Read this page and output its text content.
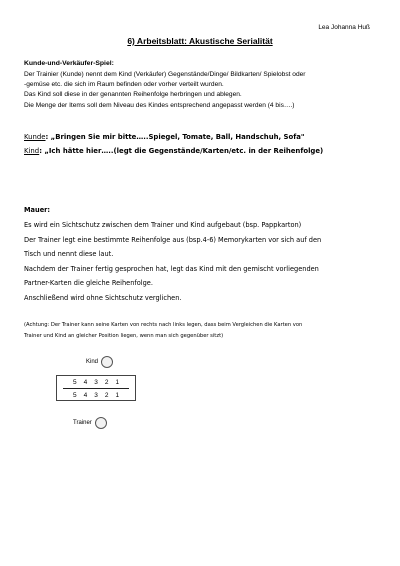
Lea Johanna Huß
6) Arbeitsblatt: Akustische Serialität
Kunde-und-Verkäufer-Spiel:
Der Trainier (Kunde) nennt dem Kind (Verkäufer) Gegenstände/Dinge/ Bildkarten/ Spielobst oder
-gemüse etc. die sich im Raum befinden oder vorher verteilt wurden.
Das Kind soll diese in der genannten Reihenfolge herbringen und ablegen.
Die Menge der Items soll dem Niveau des Kindes entsprechend angepasst werden (4 bis….)
Kunde: „Bringen Sie mir bitte…..Spiegel, Tomate, Ball, Handschuh, Sofa"
Kind: „Ich hätte hier…..(legt die Gegenstände/Karten/etc. in der Reihenfolge)
Mauer:
Es wird ein Sichtschutz zwischen dem Trainer und Kind aufgebaut (bsp. Pappkarton)
Der Trainer legt eine bestimmte Reihenfolge aus (bsp.4-6) Memorykarten vor sich auf den
Tisch und nennt diese laut.
Nachdem der Trainer fertig gesprochen hat, legt das Kind mit den gemischt vorliegenden
Partner-Karten die gleiche Reihenfolge.
Anschließend wird ohne Sichtschutz verglichen.
(Achtung: Der Trainer kann seine Karten von rechts nach links legen, dass beim Vergleichen die Karten von
Trainer und Kind an gleicher Position liegen, wenn man sich gegenüber sitzt)
Kind
5 4 3 2 1
5 4 3 2 1
Trainer
